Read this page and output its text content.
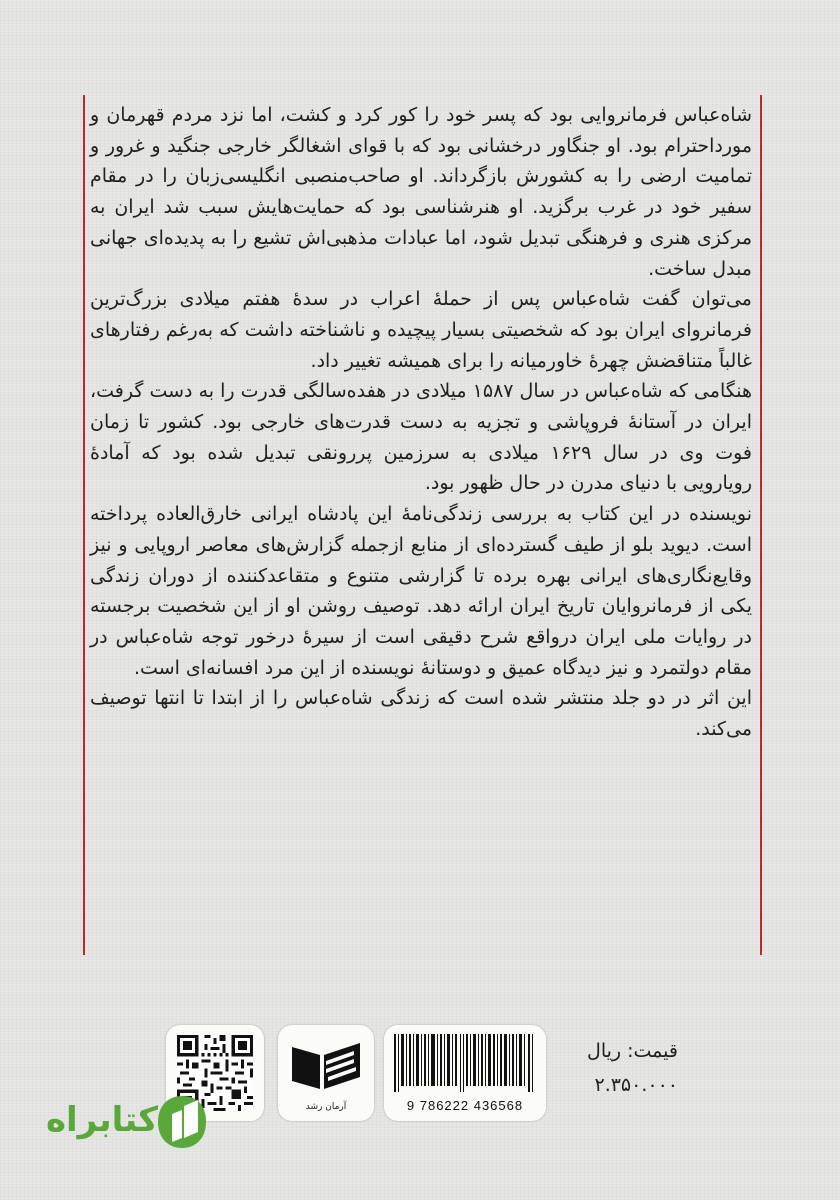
شاه‌عباس فرمانروایی بود که پسر خود را کور کرد و کشت، اما نزد مردم قهرمان و مورداحترام بود. او جنگاور درخشانی بود که با قوای اشغالگر خارجی جنگید و غرور و تمامیت ارضی را به کشورش بازگرداند. او صاحب‌منصبی انگلیسی‌زبان را در مقام سفیر خود در غرب برگزید. او هنرشناسی بود که حمایت‌هایش سبب شد ایران به مرکزی هنری و فرهنگی تبدیل شود، اما عبادات مذهبی‌اش تشیع را به پدیده‌ای جهانی مبدل ساخت.

می‌توان گفت شاه‌عباس پس از حملهٔ اعراب در سدهٔ هفتم میلادی بزرگ‌ترین فرمانروای ایران بود که شخصیتی بسیار پیچیده و ناشناخته داشت که به‌رغم رفتارهای غالباً متناقضش چهرهٔ خاورمیانه را برای همیشه تغییر داد.

هنگامی که شاه‌عباس در سال ۱۵۸۷ میلادی در هفده‌سالگی قدرت را به دست گرفت، ایران در آستانهٔ فروپاشی و تجزیه به دست قدرت‌های خارجی بود. کشور تا زمان فوت وی در سال ۱۶۲۹ میلادی به سرزمین پررونقی تبدیل شده بود که آمادهٔ رویارویی با دنیای مدرن در حال ظهور بود.

نویسنده در این کتاب به بررسی زندگی‌نامهٔ این پادشاه ایرانی خارق‌العاده پرداخته است. دیوید بلو از طیف گسترده‌ای از منابع ازجمله گزارش‌های معاصر اروپایی و نیز وقایع‌نگاری‌های ایرانی بهره برده تا گزارشی متنوع و متقاعدکننده از دوران زندگی یکی از فرمانروایان تاریخ ایران ارائه دهد. توصیف روشن او از این شخصیت برجسته در روایات ملی ایران درواقع شرح دقیقی است از سیرهٔ درخور توجه شاه‌عباس در مقام دولتمرد و نیز دیدگاه عمیق و دوستانهٔ نویسنده از این مرد افسانه‌ای است.

این اثر در دو جلد منتشر شده است که زندگی شاه‌عباس را از ابتدا تا انتها توصیف می‌کند.

آرمان رشد	9 786222 436568
قیمت: ریال
۲.۳۵۰.۰۰۰
کتابراه
